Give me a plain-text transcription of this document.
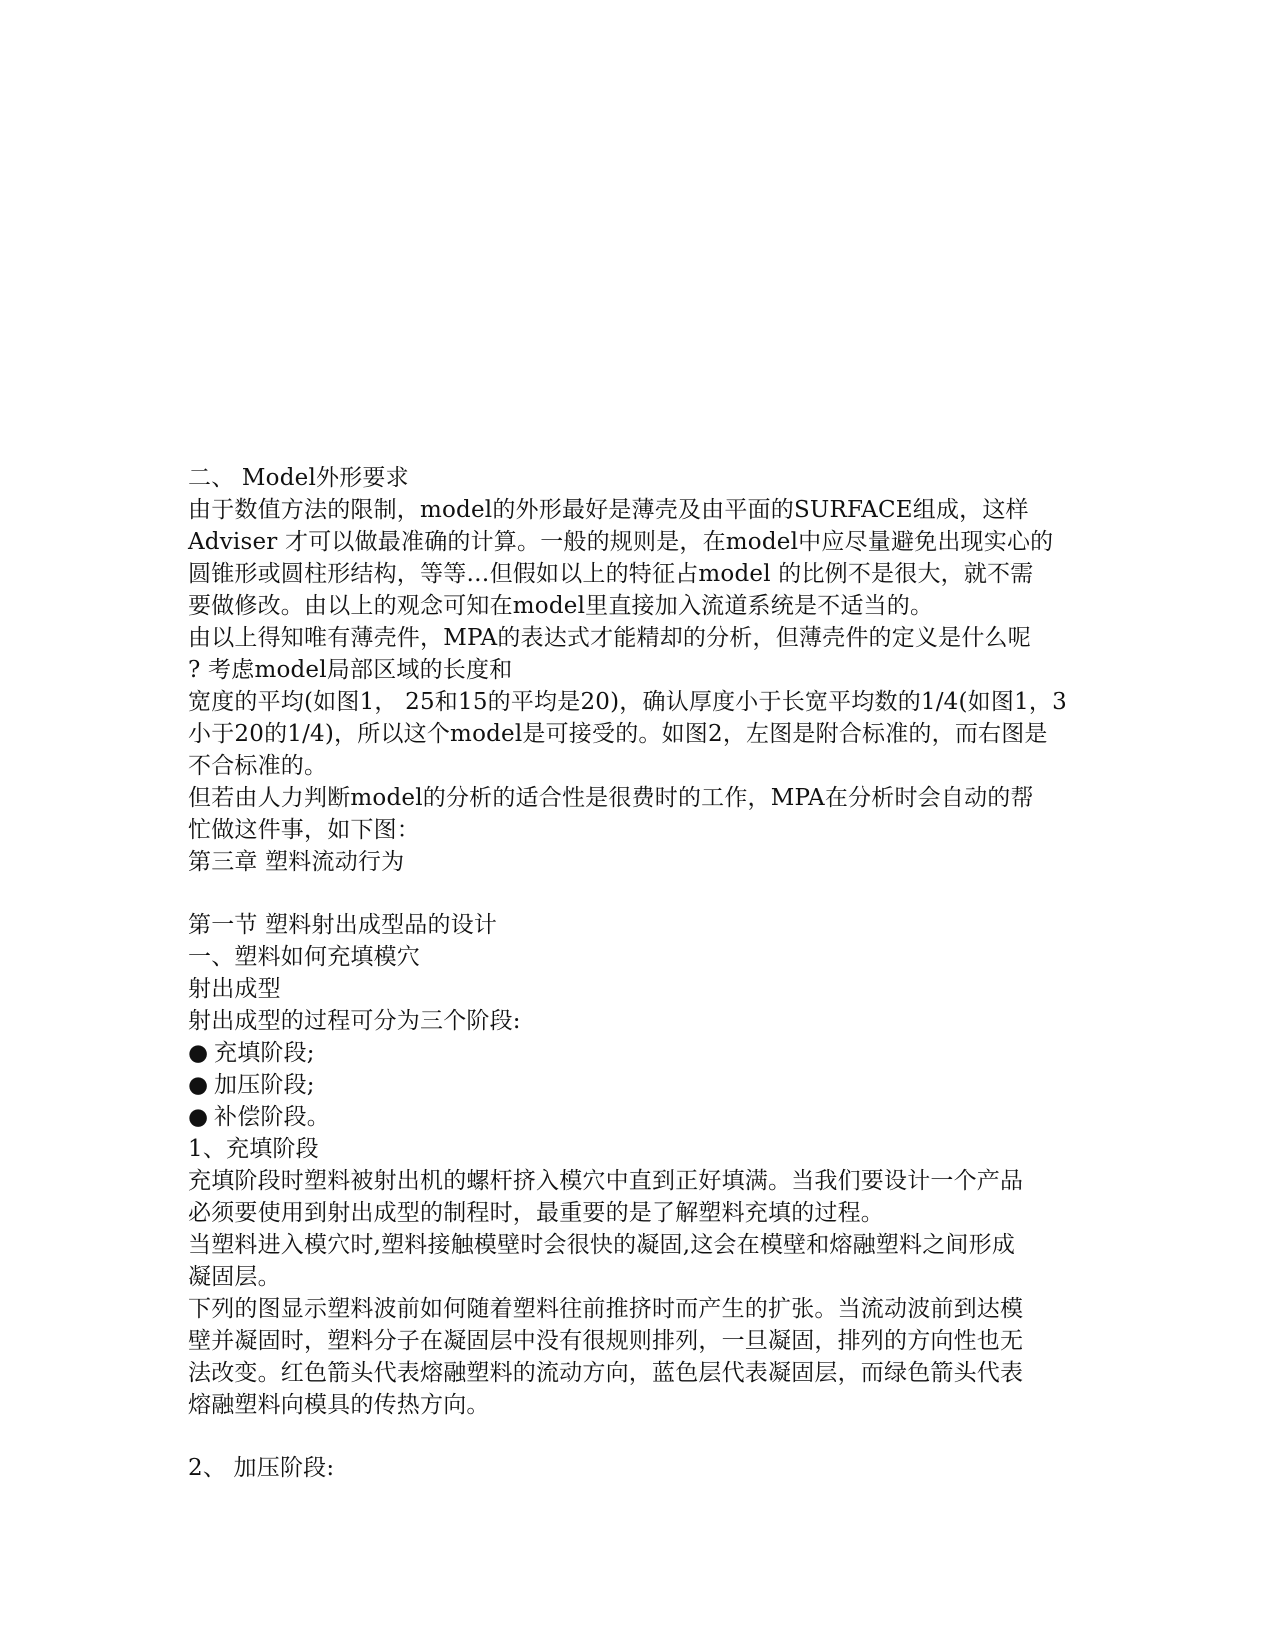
二、 Model外形要求
由于数值方法的限制，model的外形最好是薄壳及由平面的SURFACE组成，这样
Adviser 才可以做最准确的计算。一般的规则是，在model中应尽量避免出现实心的
圆锥形或圆柱形结构，等等…但假如以上的特征占model 的比例不是很大，就不需
要做修改。由以上的观念可知在model里直接加入流道系统是不适当的。
由以上得知唯有薄壳件，MPA的表达式才能精却的分析，但薄壳件的定义是什么呢
? 考虑model局部区域的长度和
宽度的平均(如图1， 25和15的平均是20)，确认厚度小于长宽平均数的1/4(如图1，3
小于20的1/4)，所以这个model是可接受的。如图2，左图是附合标准的，而右图是
不合标准的。
但若由人力判断model的分析的适合性是很费时的工作，MPA在分析时会自动的帮
忙做这件事，如下图：
第三章 塑料流动行为
第一节 塑料射出成型品的设计
一、塑料如何充填模穴
射出成型
射出成型的过程可分为三个阶段:
● 充填阶段;
● 加压阶段;
● 补偿阶段。
1、充填阶段
充填阶段时塑料被射出机的螺杆挤入模穴中直到正好填满。当我们要设计一个产品
必须要使用到射出成型的制程时，最重要的是了解塑料充填的过程。
当塑料进入模穴时,塑料接触模壁时会很快的凝固,这会在模壁和熔融塑料之间形成
凝固层。
下列的图显示塑料波前如何随着塑料往前推挤时而产生的扩张。当流动波前到达模
壁并凝固时，塑料分子在凝固层中没有很规则排列，一旦凝固，排列的方向性也无
法改变。红色箭头代表熔融塑料的流动方向，蓝色层代表凝固层，而绿色箭头代表
熔融塑料向模具的传热方向。
2、 加压阶段:
